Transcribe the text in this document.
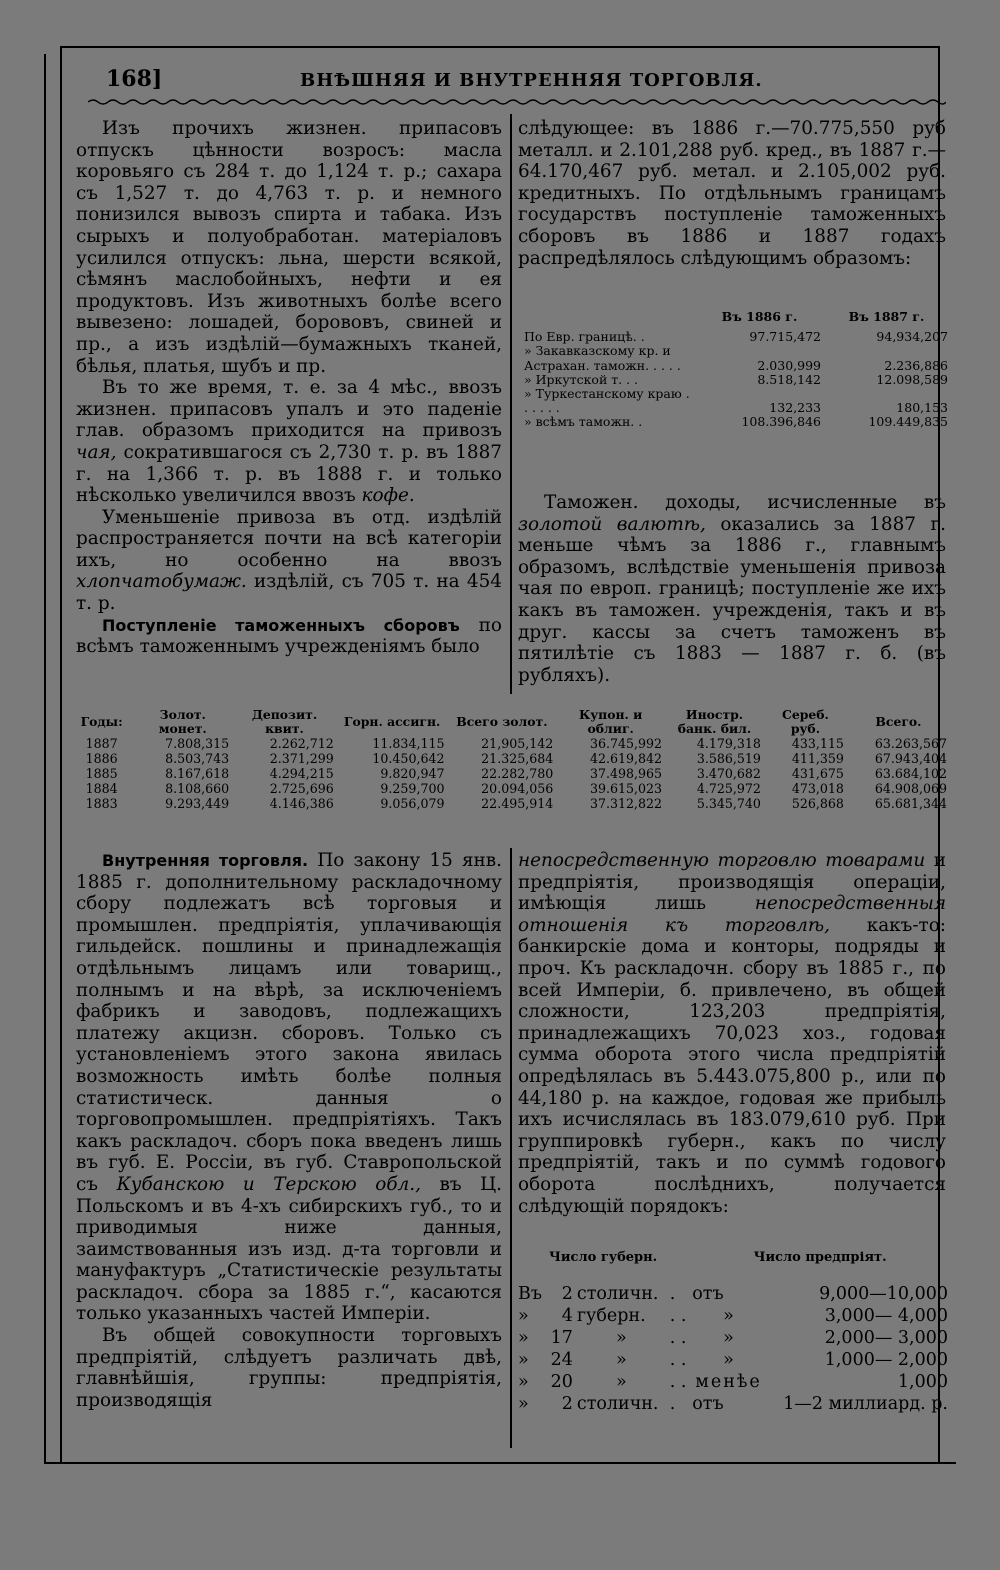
168]	ВНѢШНЯЯ И ВНУТРЕННЯЯ ТОРГОВЛЯ.

Изъ прочихъ жизнен. припасовъ отпускъ цѣнности возросъ: масла коровьяго съ 284 т. до 1,124 т. р.; сахара съ 1,527 т. до 4,763 т. р. и немного понизился вывозъ спирта и табака. Изъ сырыхъ и полуобработан. матеріаловъ усилился отпускъ: льна, шерсти всякой, сѣмянъ маслобойныхъ, нефти и ея продуктовъ. Изъ животныхъ болѣе всего вывезено: лошадей, борововъ, свиней и пр., а изъ издѣлій—бумажныхъ тканей, бѣлья, платья, шубъ и пр.

Въ то же время, т. е. за 4 мѣс., ввозъ жизнен. припасовъ упалъ и это паденіе глав. образомъ приходится на привозъ чая, сократившагося съ 2,730 т. р. въ 1887 г. на 1,366 т. р. въ 1888 г. и только нѣсколько увеличился ввозъ кофе.

Уменьшеніе привоза въ отд. издѣлій распространяется почти на всѣ категоріи ихъ, но особенно на ввозъ хлопчатобумаж. издѣлій, съ 705 т. на 454 т. р.

Поступленіе таможенныхъ сборовъ по всѣмъ таможеннымъ учрежденіямъ было

слѣдующее: въ 1886 г.—70.775,550 руб металл. и 2.101,288 руб. кред., въ 1887 г.— 64.170,467 руб. метал. и 2.105,002 руб. кредитныхъ. По отдѣльнымъ границамъ государствъ поступленіе таможенныхъ сборовъ въ 1886 и 1887 годахъ распредѣлялось слѣдующимъ образомъ:

	Въ 1886 г.	Въ 1887 г.
По Евр. границѣ. .	97.715,472	94,934,207
» Закавказскому кр. и Астрахан. таможн. . . . .	2.030,999	2.236,886
» Иркутской т. . .	8.518,142	12.098,589
» Туркестанскому краю . . . . . .	132,233	180,153
» всѣмъ таможн. .	108.396,846	109.449,835

Таможен. доходы, исчисленные въ золотой валютѣ, оказались за 1887 г. меньше чѣмъ за 1886 г., главнымъ образомъ, вслѣдствіе уменьшенія привоза чая по европ. границѣ; поступленіе же ихъ какъ въ таможен. учрежденія, такъ и въ друг. кассы за счетъ таможенъ въ пятилѣтіе съ 1883 — 1887 г. б. (въ рубляхъ).

Годы:	Золот. монет.	Депозит. квит.	Горн. ассигн.	Всего золот.	Купон. и облиг.	Иностр. банк. бил.	Сереб. руб.	Всего.
1887	7.808,315	2.262,712	11.834,115	21,905,142	36.745,992	4.179,318	433,115	63.263,567
1886	8.503,743	2.371,299	10.450,642	21.325,684	42.619,842	3.586,519	411,359	67.943,404
1885	8.167,618	4.294,215	9.820,947	22.282,780	37.498,965	3.470,682	431,675	63.684,102
1884	8.108,660	2.725,696	9.259,700	20.094,056	39.615,023	4.725,972	473,018	64.908,069
1883	9.293,449	4.146,386	9.056,079	22.495,914	37.312,822	5.345,740	526,868	65.681,344

Внутренняя торговля. По закону 15 янв. 1885 г. дополнительному раскладочному сбору подлежатъ всѣ торговыя и промышлен. предпріятія, уплачивающія гильдейск. пошлины и принадлежащія отдѣльнымъ лицамъ или товарищ., полнымъ и на вѣрѣ, за исключеніемъ фабрикъ и заводовъ, подлежащихъ платежу акцизн. сборовъ. Только съ установленіемъ этого закона явилась возможность имѣть болѣе полныя статистическ. данныя о торговопромышлен. предпріятіяхъ. Такъ какъ раскладоч. сборъ пока введенъ лишь въ губ. Е. Россіи, въ губ. Ставропольской съ Кубанскою и Терскою обл., въ Ц. Польскомъ и въ 4-хъ сибирскихъ губ., то и приводимыя ниже данныя, заимствованныя изъ изд. д-та торговли и мануфактуръ „Статистическіе результаты раскладоч. сбора за 1885 г.“, касаются только указанныхъ частей Имперіи.

Въ общей совокупности торговыхъ предпріятій, слѣдуетъ различать двѣ, главнѣйшія, группы: предпріятія, производящія

непосредственную торговлю товарами и предпріятія, производящія операціи, имѣющія лишь непосредственныя отношенія къ торговлѣ, какъ-то: банкирскіе дома и конторы, подряды и проч. Къ раскладочн. сбору въ 1885 г., по всей Имперіи, б. привлечено, въ общей сложности, 123,203 предпріятія, принадлежащихъ 70,023 хоз., годовая сумма оборота этого числа предпріятій опредѣлялась въ 5.443.075,800 р., или по 44,180 р. на каждое, годовая же прибыль ихъ исчислялась въ 183.079,610 руб. При группировкѣ губерн., какъ по числу предпріятій, такъ и по суммѣ годового оборота послѣднихъ, получается слѣдующій порядокъ:

Число губерн.				Число предпріят.	
Въ	2	столичн.	.	отъ	9,000—10,000
»	4	губерн.	. .	»	3,000— 4,000
»	17	»	. .	»	2,000— 3,000
»	24	»	. .	»	1,000— 2,000
»	20	»	. .	менѣе	1,000
»	2	столичн.	.	отъ	1—2 миллиард. р.
